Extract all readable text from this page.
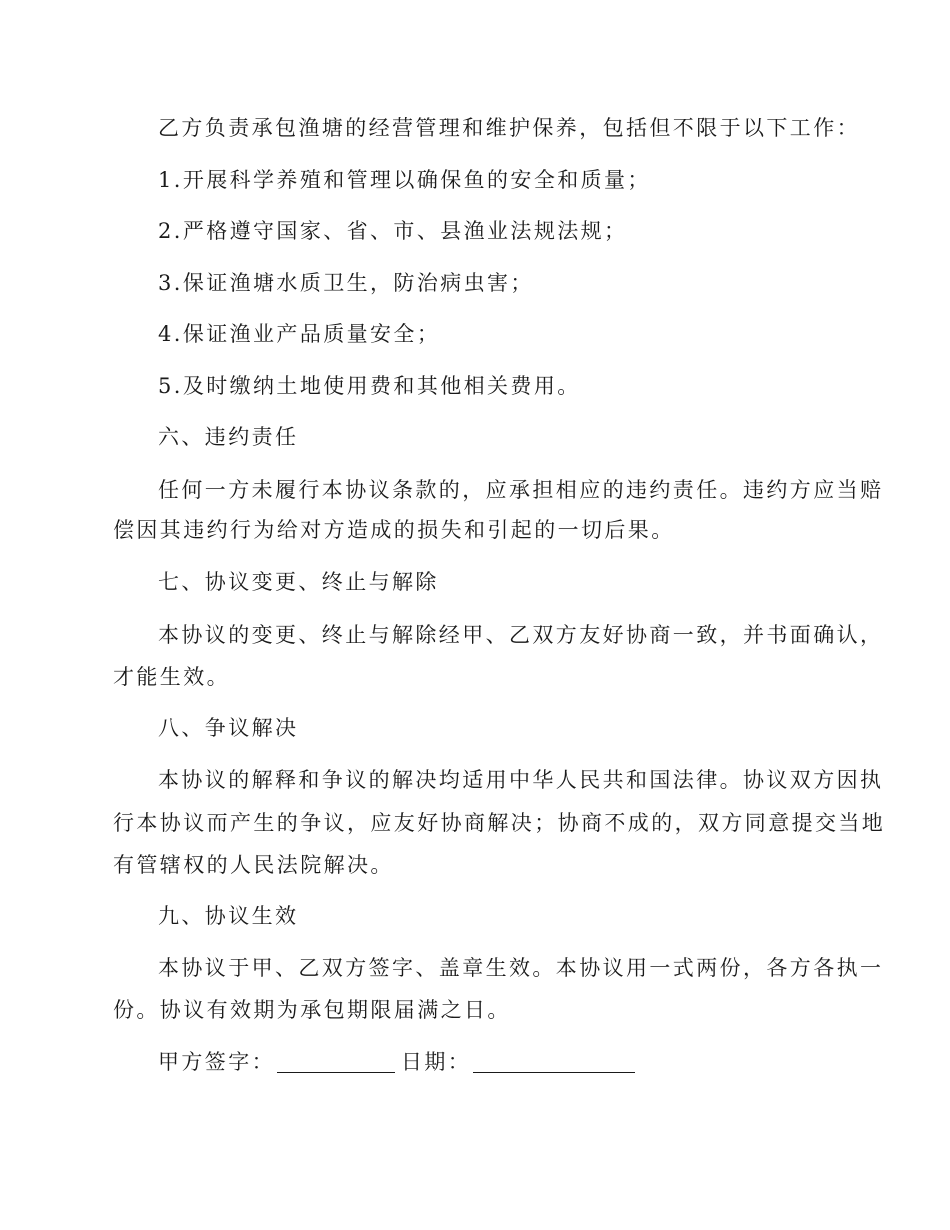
乙方负责承包渔塘的经营管理和维护保养，包括但不限于以下工作：
1.开展科学养殖和管理以确保鱼的安全和质量；
2.严格遵守国家、省、市、县渔业法规法规；
3.保证渔塘水质卫生，防治病虫害；
4.保证渔业产品质量安全；
5.及时缴纳土地使用费和其他相关费用。
六、违约责任
任何一方未履行本协议条款的，应承担相应的违约责任。违约方应当赔
偿因其违约行为给对方造成的损失和引起的一切后果。
七、协议变更、终止与解除
本协议的变更、终止与解除经甲、乙双方友好协商一致，并书面确认，
才能生效。
八、争议解决
本协议的解释和争议的解决均适用中华人民共和国法律。协议双方因执
行本协议而产生的争议，应友好协商解决；协商不成的，双方同意提交当地
有管辖权的人民法院解决。
九、协议生效
本协议于甲、乙双方签字、盖章生效。本协议用一式两份，各方各执一
份。协议有效期为承包期限届满之日。
甲方签字：	日期：
